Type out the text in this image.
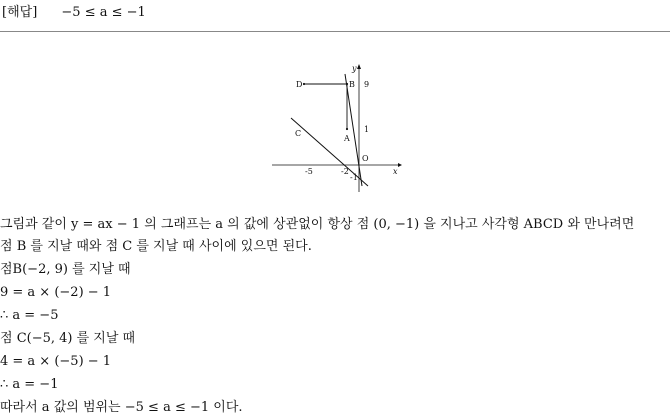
[해답] −5 ≤ a ≤ −1
D	B
A
C
O
y
x
9
1
-5	-2
-1
그림과 같이 y = ax − 1 의 그래프는 a 의 값에 상관없이 항상 점 (0, −1) 을 지나고 사각형 ABCD 와 만나려면
점 B 를 지날 때와 점 C 를 지날 때 사이에 있으면 된다.
점B(−2, 9) 를 지날 때
9 = a × (−2) − 1
∴ a = −5
점 C(−5, 4) 를 지날 때
4 = a × (−5) − 1
∴ a = −1
따라서 a 값의 범위는 −5 ≤ a ≤ −1 이다.
